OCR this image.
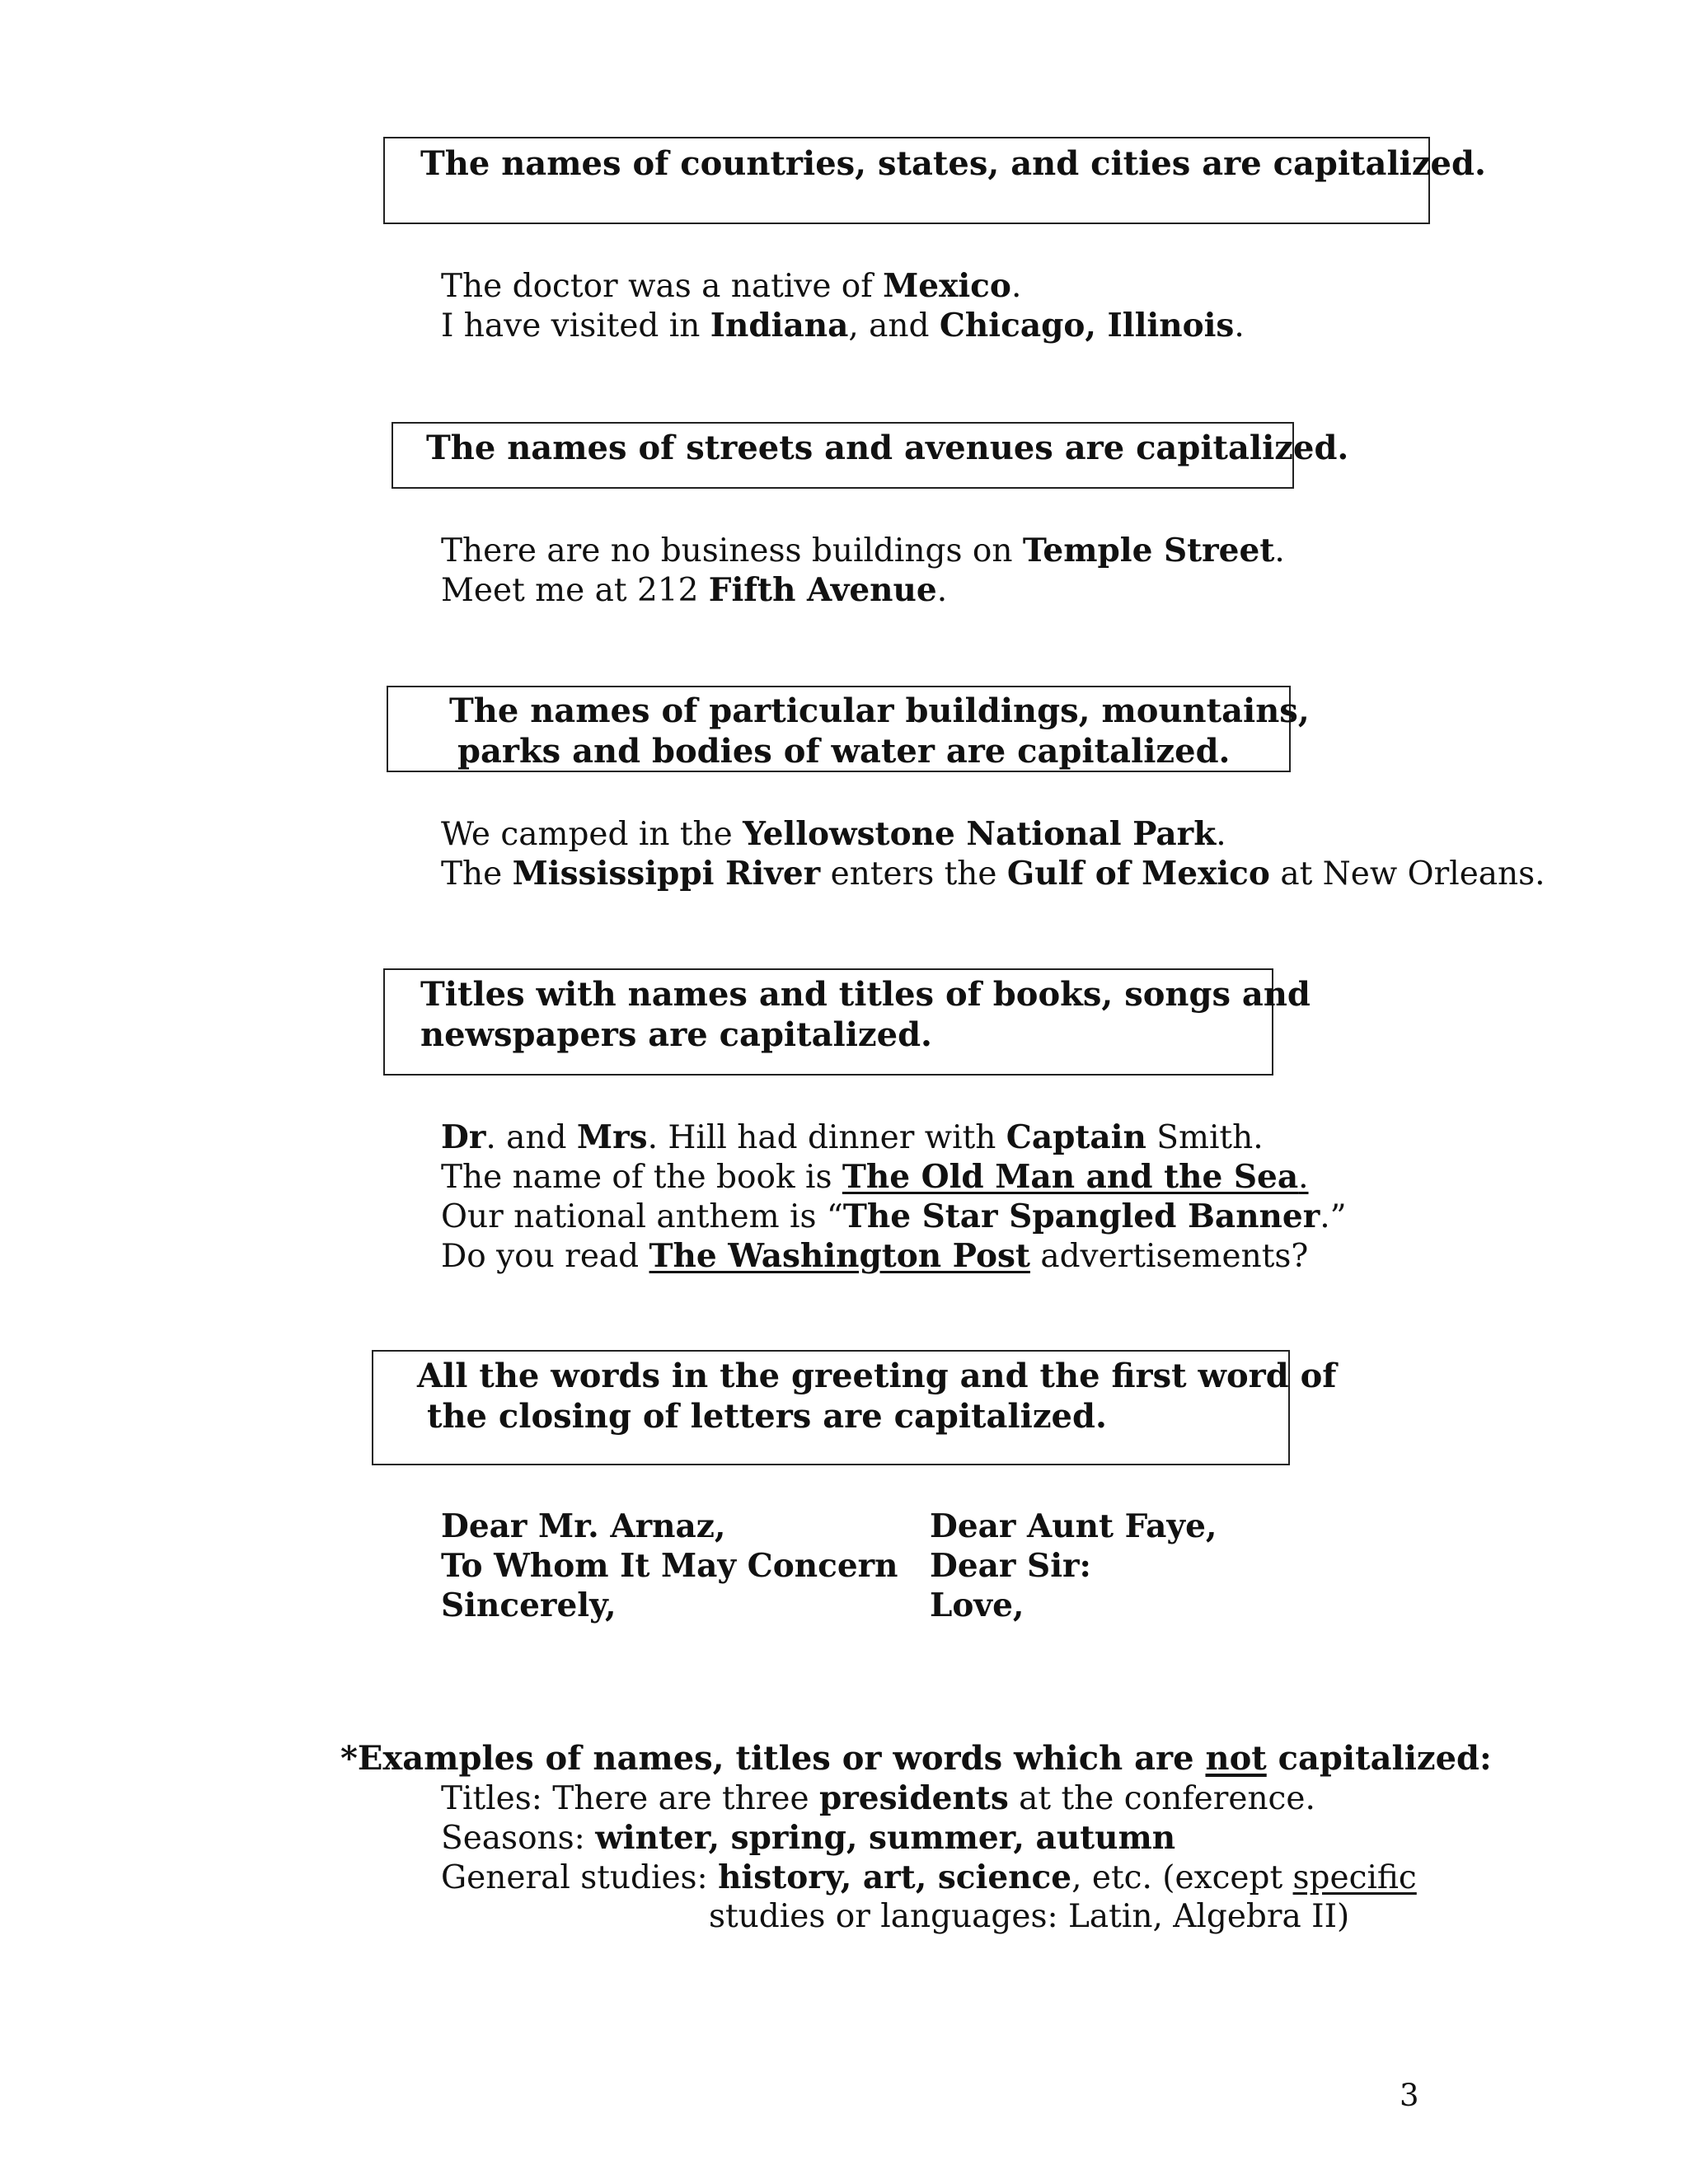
The names of countries, states, and cities are capitalized.
The doctor was a native of Mexico.
I have visited in Indiana, and Chicago, Illinois.
The names of streets and avenues are capitalized.
There are no business buildings on Temple Street.
Meet me at 212 Fifth Avenue.
The names of particular buildings, mountains,
parks and bodies of water are capitalized.
We camped in the Yellowstone National Park.
The Mississippi River enters the Gulf of Mexico at New Orleans.
Titles with names and titles of books, songs and
newspapers are capitalized.
Dr. and Mrs. Hill had dinner with Captain Smith.
The name of the book is The Old Man and the Sea.
Our national anthem is “The Star Spangled Banner.”
Do you read The Washington Post advertisements?
All the words in the greeting and the first word of
the closing of letters are capitalized.
Dear Mr. Arnaz,
To Whom It May Concern
Sincerely,
Dear Aunt Faye,
Dear Sir:
Love,
*Examples of names, titles or words which are not capitalized:
Titles: There are three presidents at the conference.
Seasons: winter, spring, summer, autumn
General studies: history, art, science, etc. (except specific
studies or languages: Latin, Algebra II)
3
